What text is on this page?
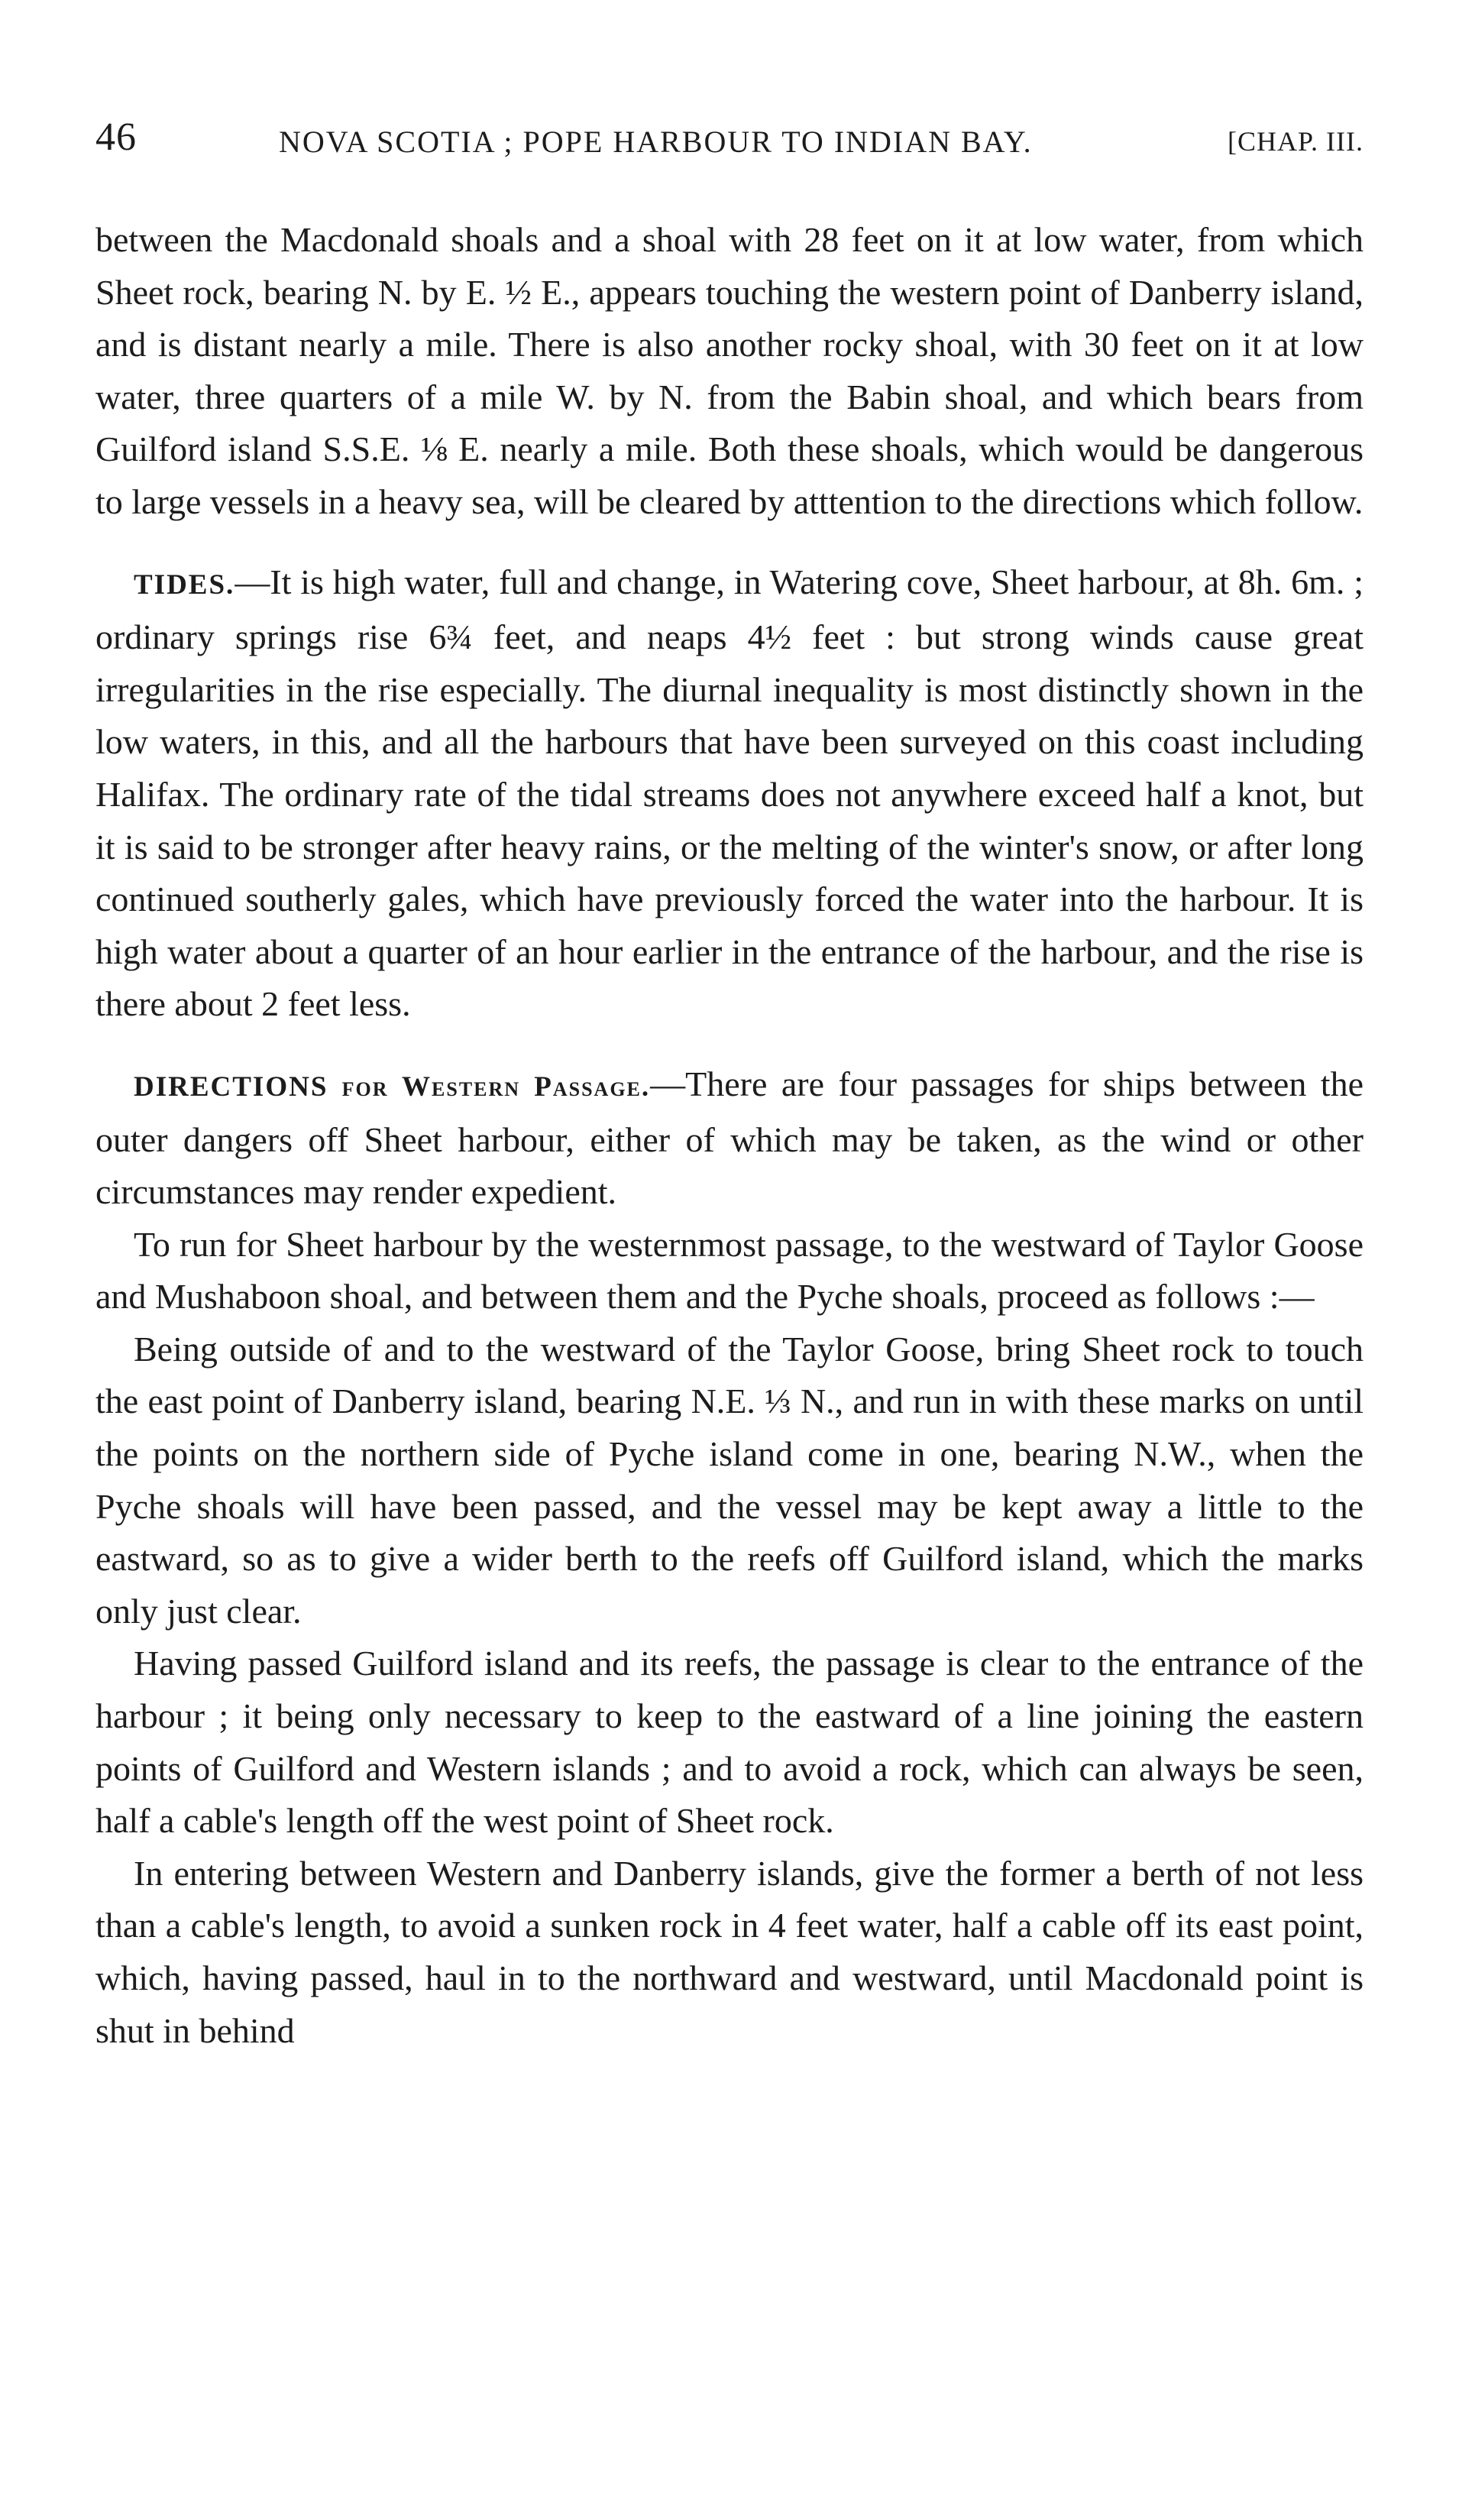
46	NOVA SCOTIA ; POPE HARBOUR TO INDIAN BAY.	[CHAP. III.

between the Macdonald shoals and a shoal with 28 feet on it at low water, from which Sheet rock, bearing N. by E. ½ E., appears touching the western point of Danberry island, and is distant nearly a mile. There is also another rocky shoal, with 30 feet on it at low water, three quarters of a mile W. by N. from the Babin shoal, and which bears from Guilford island S.S.E. ⅛ E. nearly a mile. Both these shoals, which would be dangerous to large vessels in a heavy sea, will be cleared by atttention to the directions which follow.

TIDES.—It is high water, full and change, in Watering cove, Sheet harbour, at 8h. 6m. ; ordinary springs rise 6¾ feet, and neaps 4½ feet : but strong winds cause great irregularities in the rise especially. The diurnal inequality is most distinctly shown in the low waters, in this, and all the harbours that have been surveyed on this coast including Halifax. The ordinary rate of the tidal streams does not anywhere exceed half a knot, but it is said to be stronger after heavy rains, or the melting of the winter's snow, or after long continued southerly gales, which have previously forced the water into the harbour. It is high water about a quarter of an hour earlier in the entrance of the harbour, and the rise is there about 2 feet less.

DIRECTIONS for Western Passage.—There are four passages for ships between the outer dangers off Sheet harbour, either of which may be taken, as the wind or other circumstances may render expedient.

To run for Sheet harbour by the westernmost passage, to the westward of Taylor Goose and Mushaboon shoal, and between them and the Pyche shoals, proceed as follows :—

Being outside of and to the westward of the Taylor Goose, bring Sheet rock to touch the east point of Danberry island, bearing N.E. ⅓ N., and run in with these marks on until the points on the northern side of Pyche island come in one, bearing N.W., when the Pyche shoals will have been passed, and the vessel may be kept away a little to the eastward, so as to give a wider berth to the reefs off Guilford island, which the marks only just clear.

Having passed Guilford island and its reefs, the passage is clear to the entrance of the harbour ; it being only necessary to keep to the eastward of a line joining the eastern points of Guilford and Western islands ; and to avoid a rock, which can always be seen, half a cable's length off the west point of Sheet rock.

In entering between Western and Danberry islands, give the former a berth of not less than a cable's length, to avoid a sunken rock in 4 feet water, half a cable off its east point, which, having passed, haul in to the northward and westward, until Macdonald point is shut in behind
